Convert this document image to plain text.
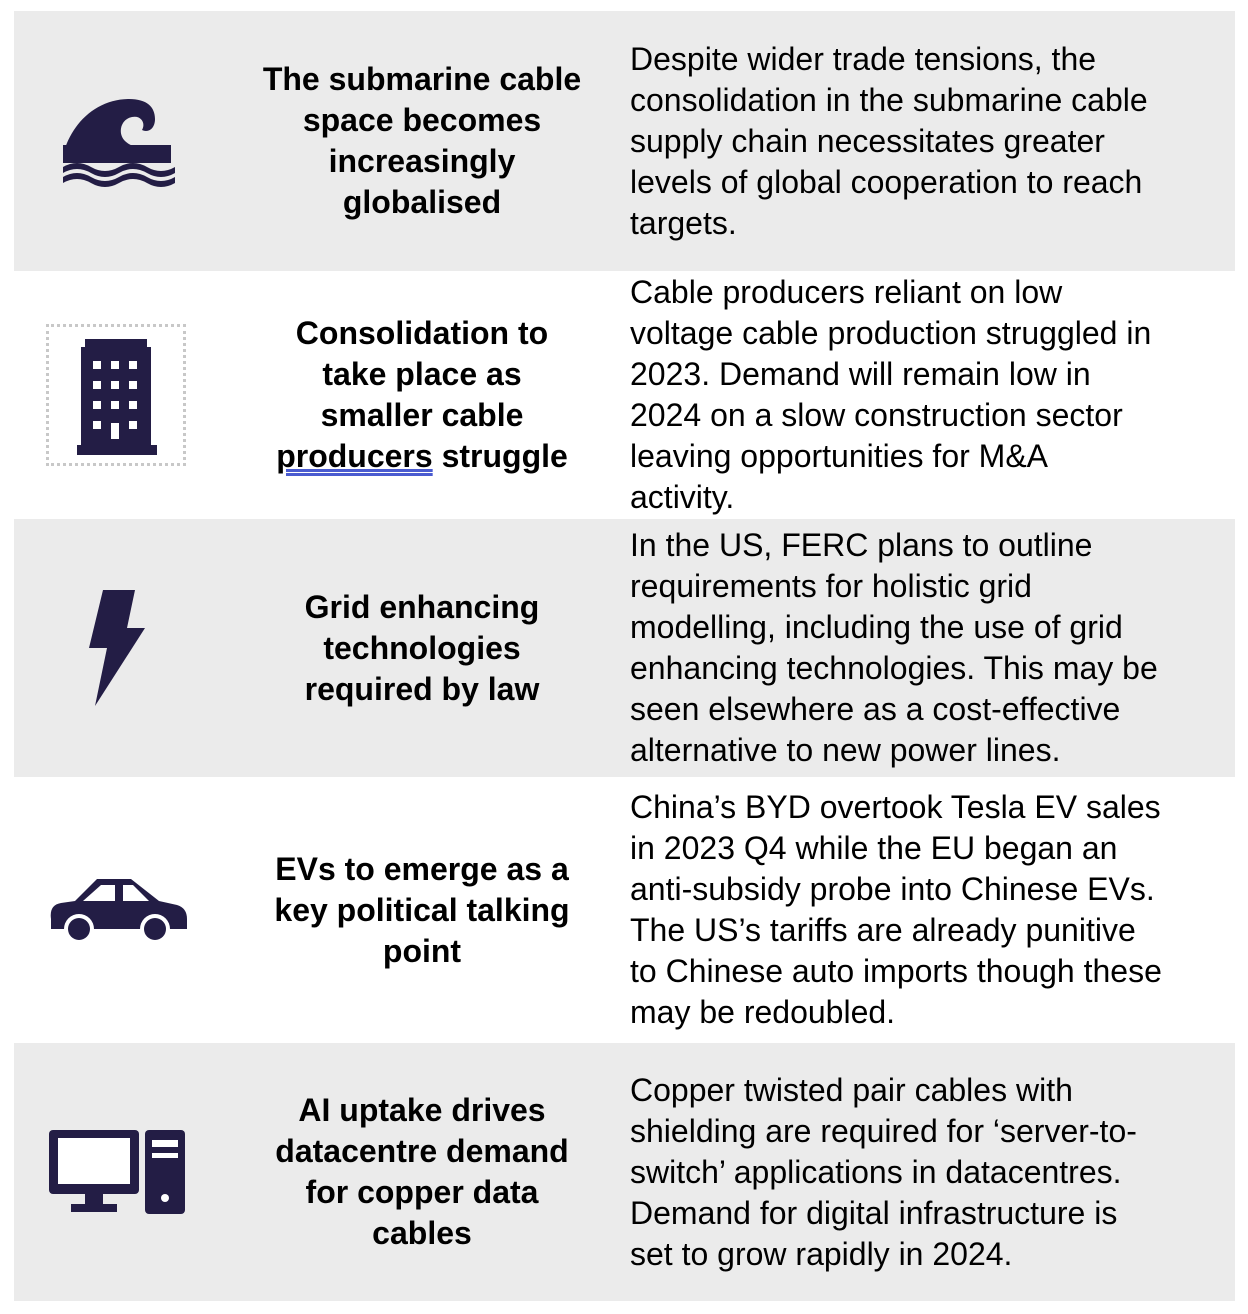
The submarine cable
space becomes
increasingly
globalised

Despite wider trade tensions, the
consolidation in the submarine cable
supply chain necessitates greater
levels of global cooperation to reach
targets.

Consolidation to
take place as
smaller cable
producers struggle

Cable producers reliant on low
voltage cable production struggled in
2023. Demand will remain low in
2024 on a slow construction sector
leaving opportunities for M&A
activity.

Grid enhancing
technologies
required by law

In the US, FERC plans to outline
requirements for holistic grid
modelling, including the use of grid
enhancing technologies. This may be
seen elsewhere as a cost-effective
alternative to new power lines.

EVs to emerge as a
key political talking
point

China’s BYD overtook Tesla EV sales
in 2023 Q4 while the EU began an
anti-subsidy probe into Chinese EVs.
The US’s tariffs are already punitive
to Chinese auto imports though these
may be redoubled.

AI uptake drives
datacentre demand
for copper data
cables

Copper twisted pair cables with
shielding are required for ‘server-to-
switch’ applications in datacentres.
Demand for digital infrastructure is
set to grow rapidly in 2024.
